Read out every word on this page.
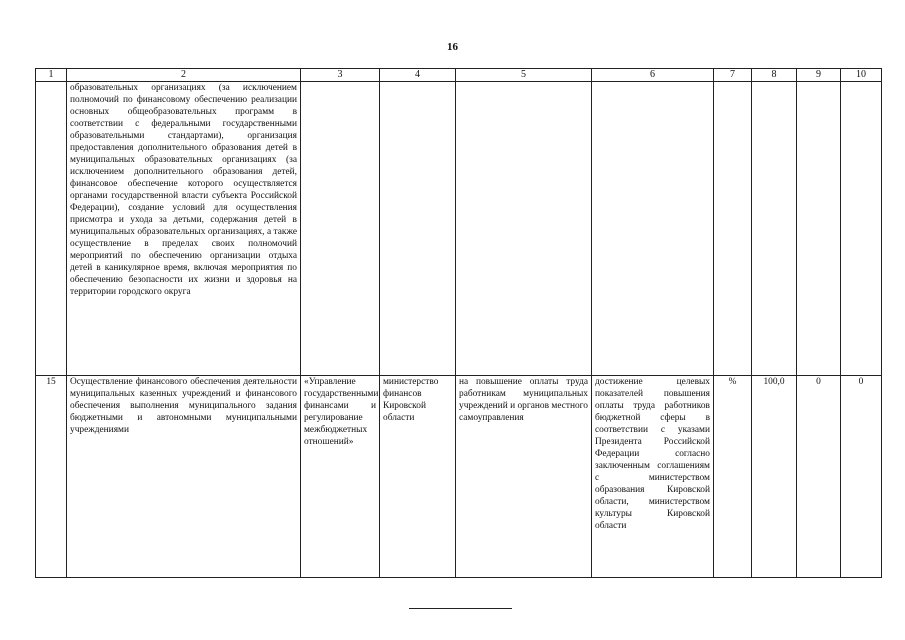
16
1	2	3	4	5	6	7	8	9	10
	образовательных организациях (за исключением полномочий по финансовому обеспечению реализации основных общеобразовательных программ в соответствии с федеральными государственными образовательными стандартами), организация предоставления дополнительного образования детей в муниципальных образовательных организациях (за исключением дополнительного образования детей, финансовое обеспечение которого осуществляется органами государственной власти субъекта Российской Федерации), создание условий для осуществления присмотра и ухода за детьми, содержания детей в муниципальных образовательных организациях, а также осуществление в пределах своих полномочий мероприятий по обеспечению организации отдыха детей в каникулярное время, включая мероприятия по обеспечению безопасности их жизни и здоровья на территории городского округа								
15	Осуществление финансового обеспечения деятельности муниципальных казенных учреждений и финансового обеспечения выполнения муниципального задания бюджетными и автономными муниципальными учреждениями	«Управление государственными финансами и регулирование межбюджетных отношений»	министерство финансов Кировской области	на повышение оплаты труда работникам муниципальных учреждений и органов местного самоуправления	достижение целевых показателей повышения оплаты труда работников бюджетной сферы в соответствии с указами Президента Российской Федерации согласно заключенным соглашениям с министерством образования Кировской области, министерством культуры Кировской области	%	100,0	0	0
